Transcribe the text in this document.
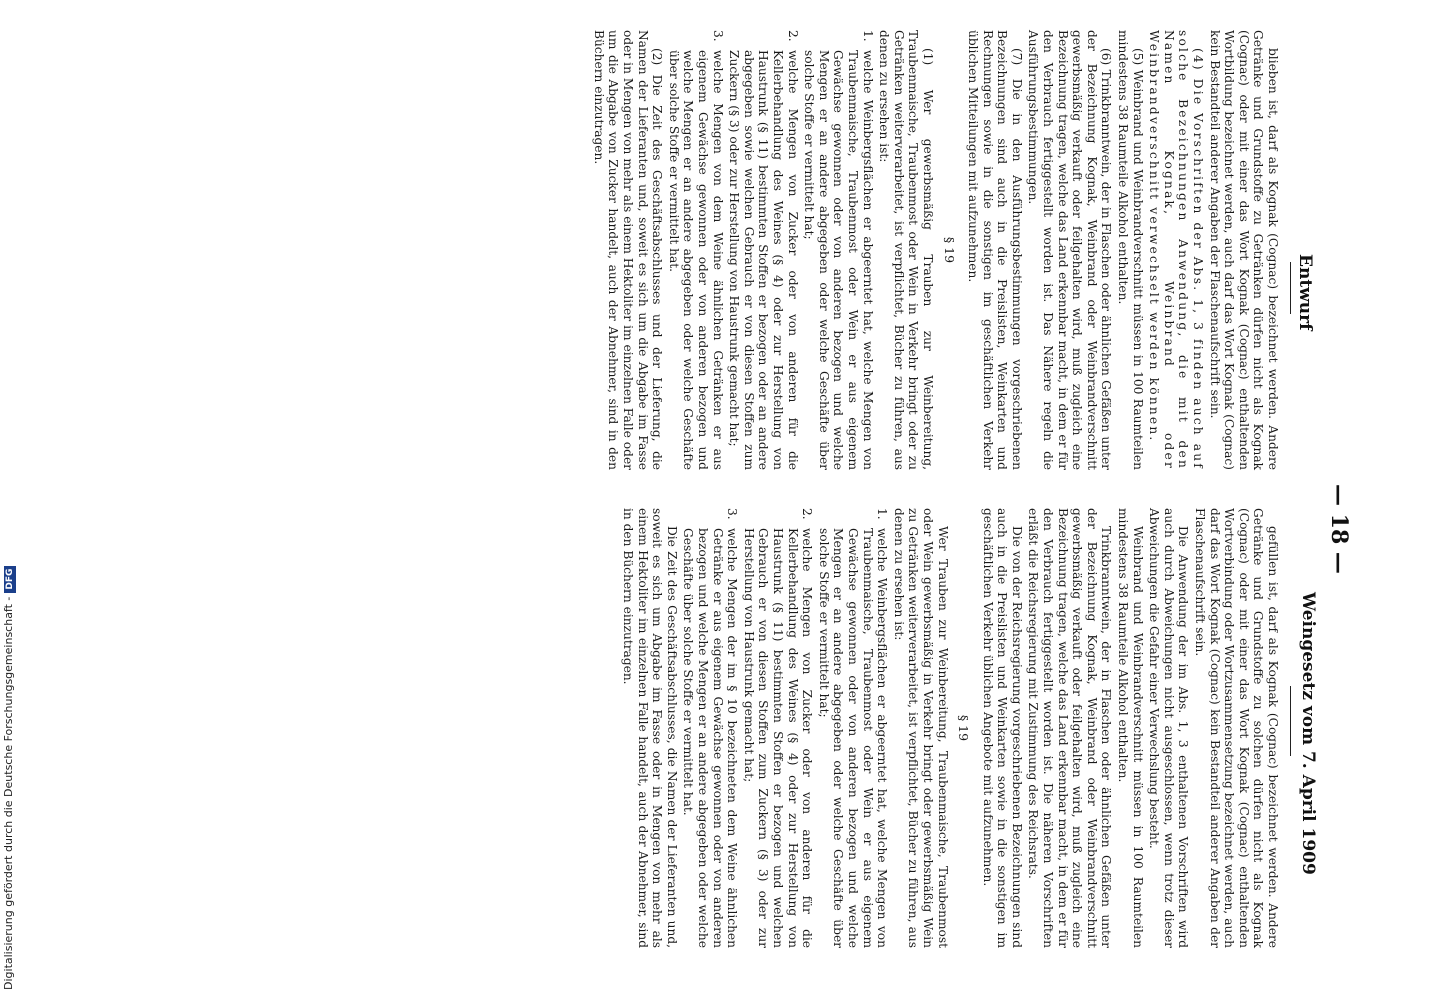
— 18 —
Weingesetz vom 7. April 1909
Entwurf

gefüllen ist, darf als Kognak (Cognac) bezeichnet werden. Andere Getränke und Grundstoffe zu solchen dürfen nicht als Kognak (Cognac) oder mit einer das Wort Kognak (Cognac) enthaltenden Wortverbindung oder Wortzusammensetzung bezeichnet werden, auch darf das Wort Kognak (Cognac) kein Bestandteil anderer Angaben der Flaschenaufschrift sein.

Die Anwendung der im Abs. 1, 3 enthaltenen Vorschriften wird auch durch Abweichungen nicht ausgeschlossen, wenn trotz dieser Abweichungen die Gefahr einer Verwechslung besteht.

Weinbrand und Weinbrandverschnitt müssen in 100 Raumteilen mindestens 38 Raumteile Alkohol enthalten.

Trinkbranntwein, der in Flaschen oder ähnlichen Gefäßen unter der Bezeichnung Kognak, Weinbrand oder Weinbrandverschnitt gewerbsmäßig verkauft oder feilgehalten wird, muß zugleich eine Bezeichnung tragen, welche das Land erkennbar macht, in dem er für den Verbrauch fertiggestellt worden ist. Die näheren Vorschriften erläßt die Reichsregierung mit Zustimmung des Reichsrats.

Die von der Reichsregierung vorgeschriebenen Bezeichnungen sind auch in die Preislisten und Weinkarten sowie in die sonstigen im geschäftlichen Verkehr üblichen Angebote mit aufzunehmen.

§ 19

Wer Trauben zur Weinbereitung, Traubenmaische, Traubenmost oder Wein gewerbsmäßig in Verkehr bringt oder gewerbsmäßig Wein zu Getränken weiterverarbeitet, ist verpflichtet, Bücher zu führen, aus denen zu ersehen ist:

1.
welche Weinbergsflächen er abgeerntet hat, welche Mengen von Traubenmaische, Traubenmost oder Wein er aus eigenem Gewächse gewonnen oder von anderen bezogen und welche Mengen er an andere abgegeben oder welche Geschäfte über solche Stoffe er vermittelt hat;

2.
welche Mengen von Zucker oder von anderen für die Kellerbehandlung des Weines (§ 4) oder zur Herstellung von Haustrunk (§ 11) bestimmten Stoffen er bezogen und welchen Gebrauch er von diesen Stoffen zum Zuckern (§ 3) oder zur Herstellung von Haustrunk gemacht hat;

3.
welche Mengen der im § 10 bezeichneten dem Weine ähnlichen Getränke er aus eigenem Gewächse gewonnen oder von anderen bezogen und welche Mengen er an andere abgegeben oder welche Geschäfte über solche Stoffe er vermittelt hat.

Die Zeit des Geschäftsabschlusses, die Namen der Lieferanten und, soweit es sich um Abgabe im Fasse oder in Mengen von mehr als einem Hektoliter im einzelnen Falle handelt, auch der Abnehmer, sind in den Büchern einzutragen.

blieben ist, darf als Kognak (Cognac) bezeichnet werden. Andere Getränke und Grundstoffe zu Getränken dürfen nicht als Kognak (Cognac) oder mit einer das Wort Kognak (Cognac) enthaltenden Wortbildung bezeichnet werden, auch darf das Wort Kognak (Cognac) kein Bestandteil anderer Angaben der Flaschenaufschrift sein.

(4) Die Vorschriften der Abs. 1, 3 finden auch auf solche Bezeichnungen Anwendung, die mit den Namen Kognak, Weinbrand oder Weinbrandverschnitt verwechselt werden können.

(5) Weinbrand und Weinbrandverschnitt müssen in 100 Raumteilen mindestens 38 Raumteile Alkohol enthalten.

(6) Trinkbranntwein, der in Flaschen oder ähnlichen Gefäßen unter der Bezeichnung Kognak, Weinbrand oder Weinbrandverschnitt gewerbsmäßig verkauft oder feilgehalten wird, muß zugleich eine Bezeichnung tragen, welche das Land erkennbar macht, in dem er für den Verbrauch fertiggestellt worden ist. Das Nähere regeln die Ausführungsbestimmungen.

(7) Die in den Ausführungsbestimmungen vorgeschriebenen Bezeichnungen sind auch in die Preislisten, Weinkarten und Rechnungen sowie in die sonstigen im geschäftlichen Verkehr üblichen Mitteilungen mit aufzunehmen.

§ 19

(1) Wer gewerbsmäßig Trauben zur Weinbereitung, Traubenmaische, Traubenmost oder Wein in Verkehr bringt oder zu Getränken weiterverarbeitet, ist verpflichtet, Bücher zu führen, aus denen zu ersehen ist:

1.
welche Weinbergsflächen er abgeerntet hat, welche Mengen von Traubenmaische, Traubenmost oder Wein er aus eigenem Gewächse gewonnen oder von anderen bezogen und welche Mengen er an andere abgegeben oder welche Geschäfte über solche Stoffe er vermittelt hat;

2.
welche Mengen von Zucker oder von anderen für die Kellerbehandlung des Weines (§ 4) oder zur Herstellung von Haustrunk (§ 11) bestimmten Stoffen er bezogen oder an andere abgegeben sowie welchen Gebrauch er von diesen Stoffen zum Zuckern (§ 3) oder zur Herstellung von Haustrunk gemacht hat;

3.
welche Mengen von dem Weine ähnlichen Getränken er aus eigenem Gewächse gewonnen oder von anderen bezogen und welche Mengen er an andere abgegeben oder welche Geschäfte über solche Stoffe er vermittelt hat.

(2) Die Zeit des Geschäftsabschlusses und der Lieferung, die Namen der Lieferanten und, soweit es sich um die Abgabe im Fasse oder in Mengen von mehr als einem Hektoliter im einzelnen Falle oder um die Abgabe von Zucker handelt, auch der Abnehmer, sind in den Büchern einzutragen.

Digitalisierung gefördert durch die Deutsche Forschungsgemeinschaft -DFG
